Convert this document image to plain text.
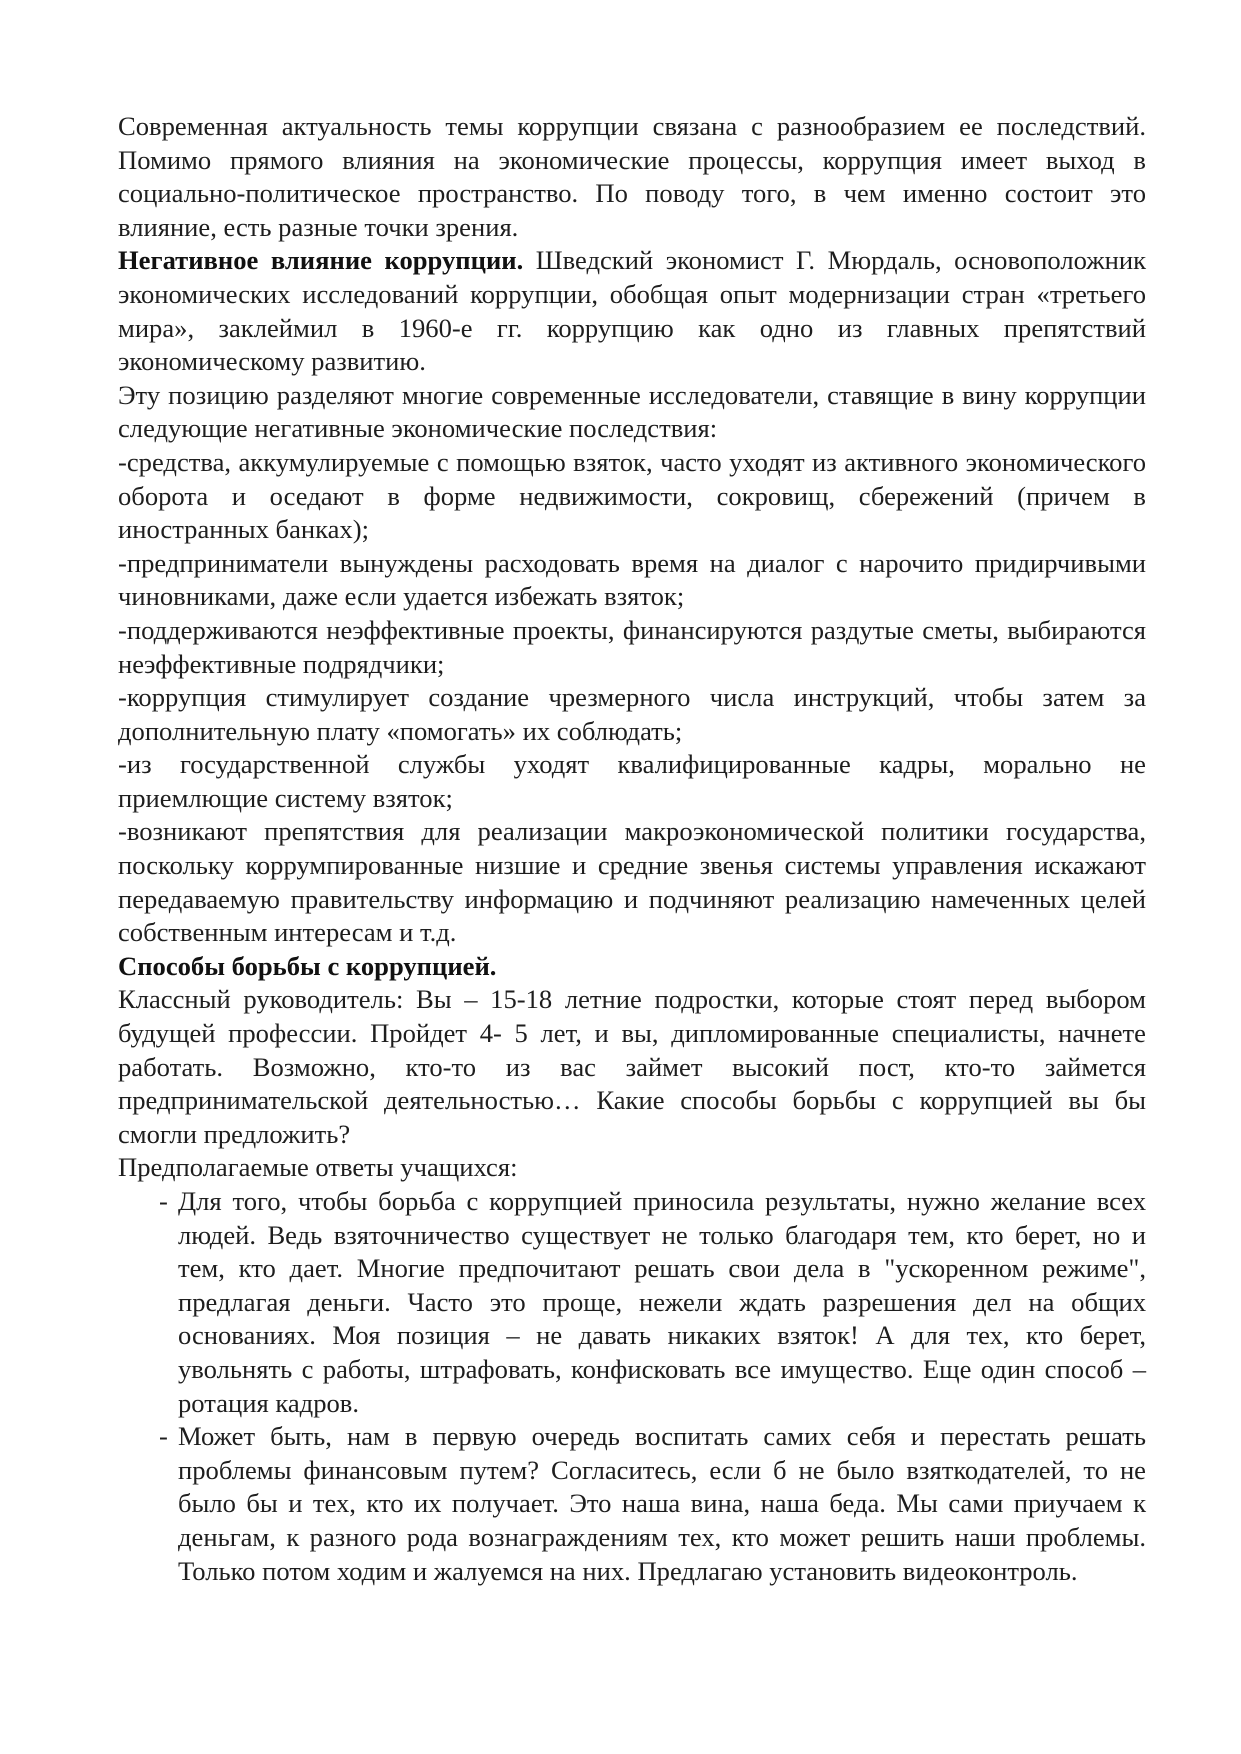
Современная актуальность темы коррупции связана с разнообразием ее последствий. Помимо прямого влияния на экономические процессы, коррупция имеет выход в социально-политическое пространство. По поводу того, в чем именно состоит это влияние, есть разные точки зрения.

Негативное влияние коррупции. Шведский экономист Г. Мюрдаль, основоположник экономических исследований коррупции, обобщая опыт модернизации стран «третьего мира», заклеймил в 1960-е гг. коррупцию как одно из главных препятствий экономическому развитию.

Эту позицию разделяют многие современные исследователи, ставящие в вину коррупции следующие негативные экономические последствия:

-средства, аккумулируемые с помощью взяток, часто уходят из активного экономического оборота и оседают в форме недвижимости, сокровищ, сбережений (причем в иностранных банках);

-предприниматели вынуждены расходовать время на диалог с нарочито придирчивыми чиновниками, даже если удается избежать взяток;

-поддерживаются неэффективные проекты, финансируются раздутые сметы, выбираются неэффективные подрядчики;

-коррупция стимулирует создание чрезмерного числа инструкций, чтобы затем за дополнительную плату «помогать» их соблюдать;

-из государственной службы уходят квалифицированные кадры, морально не приемлющие систему взяток;

-возникают препятствия для реализации макроэкономической политики государства, поскольку коррумпированные низшие и средние звенья системы управления искажают передаваемую правительству информацию и подчиняют реализацию намеченных целей собственным интересам и т.д.

Способы борьбы с коррупцией.

Классный руководитель: Вы – 15-18 летние подростки, которые стоят перед выбором будущей профессии. Пройдет 4- 5 лет, и вы, дипломированные специалисты, начнете работать. Возможно, кто-то из вас займет высокий пост, кто-то займется предпринимательской деятельностью… Какие способы борьбы с коррупцией вы бы смогли предложить?

Предполагаемые ответы учащихся:

- Для того, чтобы борьба с коррупцией приносила результаты, нужно желание всех людей. Ведь взяточничество существует не только благодаря тем, кто берет, но и тем, кто дает. Многие предпочитают решать свои дела в "ускоренном режиме", предлагая деньги. Часто это проще, нежели ждать разрешения дел на общих основаниях. Моя позиция – не давать никаких взяток! А для тех, кто берет, увольнять с работы, штрафовать, конфисковать все имущество. Еще один способ – ротация кадров.
- Может быть, нам в первую очередь воспитать самих себя и перестать решать проблемы финансовым путем? Согласитесь, если б не было взяткодателей, то не было бы и тех, кто их получает. Это наша вина, наша беда. Мы сами приучаем к деньгам, к разного рода вознаграждениям тех, кто может решить наши проблемы. Только потом ходим и жалуемся на них. Предлагаю установить видеоконтроль.
